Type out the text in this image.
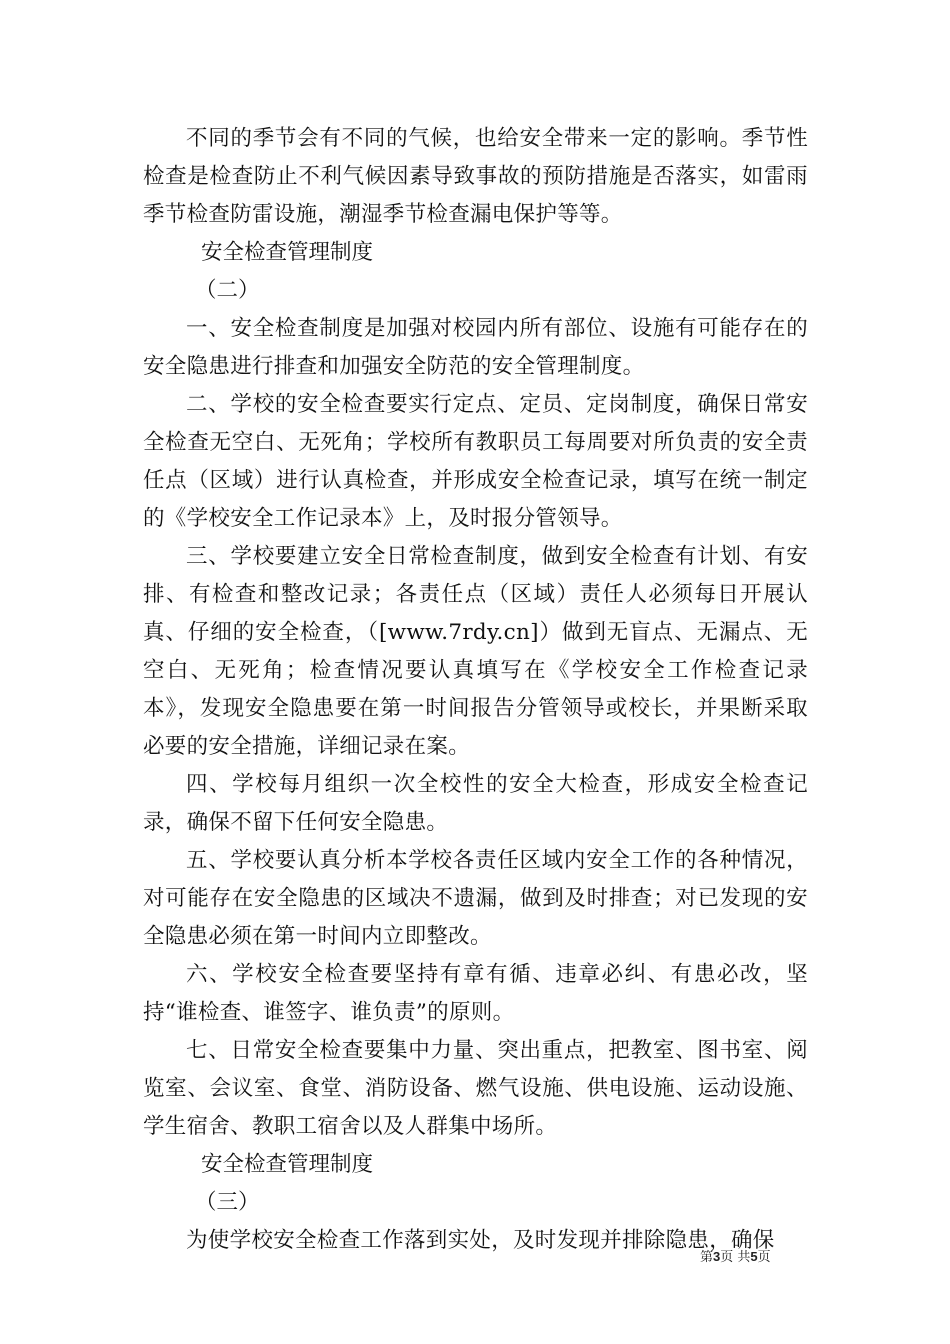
不同的季节会有不同的气候，也给安全带来一定的影响。季节性检查是检查防止不利气候因素导致事故的预防措施是否落实，如雷雨季节检查防雷设施，潮湿季节检查漏电保护等等。

安全检查管理制度

（二）

一、安全检查制度是加强对校园内所有部位、设施有可能存在的安全隐患进行排查和加强安全防范的安全管理制度。

二、学校的安全检查要实行定点、定员、定岗制度，确保日常安全检查无空白、无死角；学校所有教职员工每周要对所负责的安全责任点（区域）进行认真检查，并形成安全检查记录，填写在统一制定的《学校安全工作记录本》上，及时报分管领导。

三、学校要建立安全日常检查制度，做到安全检查有计划、有安排、有检查和整改记录；各责任点（区域）责任人必须每日开展认真、仔细的安全检查，（[www.7rdy.cn]）做到无盲点、无漏点、无空白、无死角；检查情况要认真填写在《学校安全工作检查记录本》，发现安全隐患要在第一时间报告分管领导或校长，并果断采取必要的安全措施，详细记录在案。

四、学校每月组织一次全校性的安全大检查，形成安全检查记录，确保不留下任何安全隐患。

五、学校要认真分析本学校各责任区域内安全工作的各种情况，对可能存在安全隐患的区域决不遗漏，做到及时排查；对已发现的安全隐患必须在第一时间内立即整改。

六、学校安全检查要坚持有章有循、违章必纠、有患必改，坚持“谁检查、谁签字、谁负责”的原则。

七、日常安全检查要集中力量、突出重点，把教室、图书室、阅览室、会议室、食堂、消防设备、燃气设施、供电设施、运动设施、学生宿舍、教职工宿舍以及人群集中场所。

安全检查管理制度

（三）

为使学校安全检查工作落到实处，及时发现并排除隐患，确保

第3页 共5页
